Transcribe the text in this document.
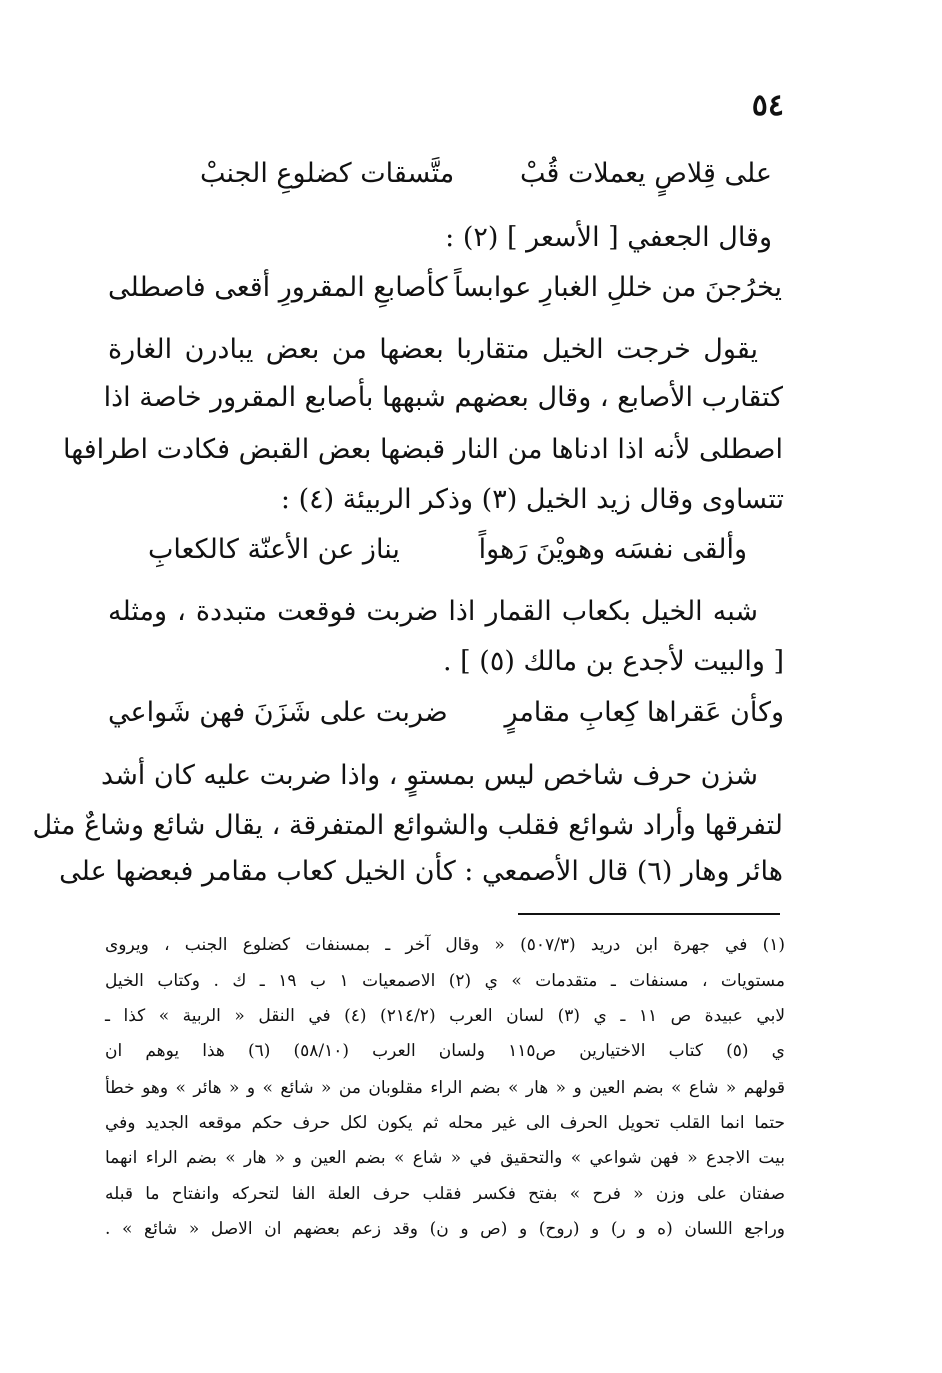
٥٤
على قِلاصٍ يعملات قُبْ
متَّسقات كضلوعِ الجنبْ
وقال الجعفي [ الأسعر ] (٢) :
يخرُجنَ من خللِ الغبارِ عوابساً
كأصابعِ المقرورِ أقعى فاصطلى
يقول خرجت الخيل متقاربا بعضها من بعض يبادرن الغارة
كتقارب الأصابع ، وقال بعضهم شبهها بأصابع المقرور خاصة اذا
اصطلى لأنه اذا ادناها من النار قبضها بعض القبض فكادت اطرافها
تتساوى وقال زيد الخيل (٣) وذكر الربيئة (٤) :
وألقى نفسَه وهويْنَ رَهواً
يناز عن الأعنّة كالكعابِ
شبه الخيل بكعاب القمار اذا ضربت فوقعت متبددة ، ومثله
[ والبيت لأجدع بن مالك (٥) ] .
وكأن عَقراها كِعابِ مقامرٍ
ضربت على شَزَنَ فهن شَواعي
شزن حرف شاخص ليس بمستوٍ ، واذا ضربت عليه كان أشد
لتفرقها وأراد شوائع فقلب والشوائع المتفرقة ، يقال شائع وشاعٌ مثل
هائر وهار (٦) قال الأصمعي : كأن الخيل كعاب مقامر فبعضها على
(١) في جهرة ابن دريد (٥٠٧/٣) « وقال آخر ـ بمسنفات كضلوع الجنب ، ويروى
مستويات ، مسنفات ـ متقدمات » ي (٢) الاصمعيات ١ ب ١٩ ـ ك . وكتاب الخيل
لابي عبيدة ص ١١ ـ ي (٣) لسان العرب (٢١٤/٢) (٤) في النقل « الربية » كذا ـ
ي (٥) كتاب الاختيارين ص١١٥ ولسان العرب (٥٨/١٠) (٦) هذا يوهم ان
قولهم « شاع » بضم العين و « هار » بضم الراء مقلوبان من « شائع » و « هائر » وهو خطأ
حتما انما القلب تحويل الحرف الى غير محله ثم يكون لكل حرف حكم موقعه الجديد وفي
بيت الاجدع « فهن شواعي » والتحقيق في « شاع » بضم العين و « هار » بضم الراء انهما
صفتان على وزن « فرح » بفتح فكسر فقلب حرف العلة الفا لتحركه وانفتاح ما قبله
وراجع اللسان (ه و ر) و (روح) و (ص و ن) وقد زعم بعضهم ان الاصل « شائع » .
